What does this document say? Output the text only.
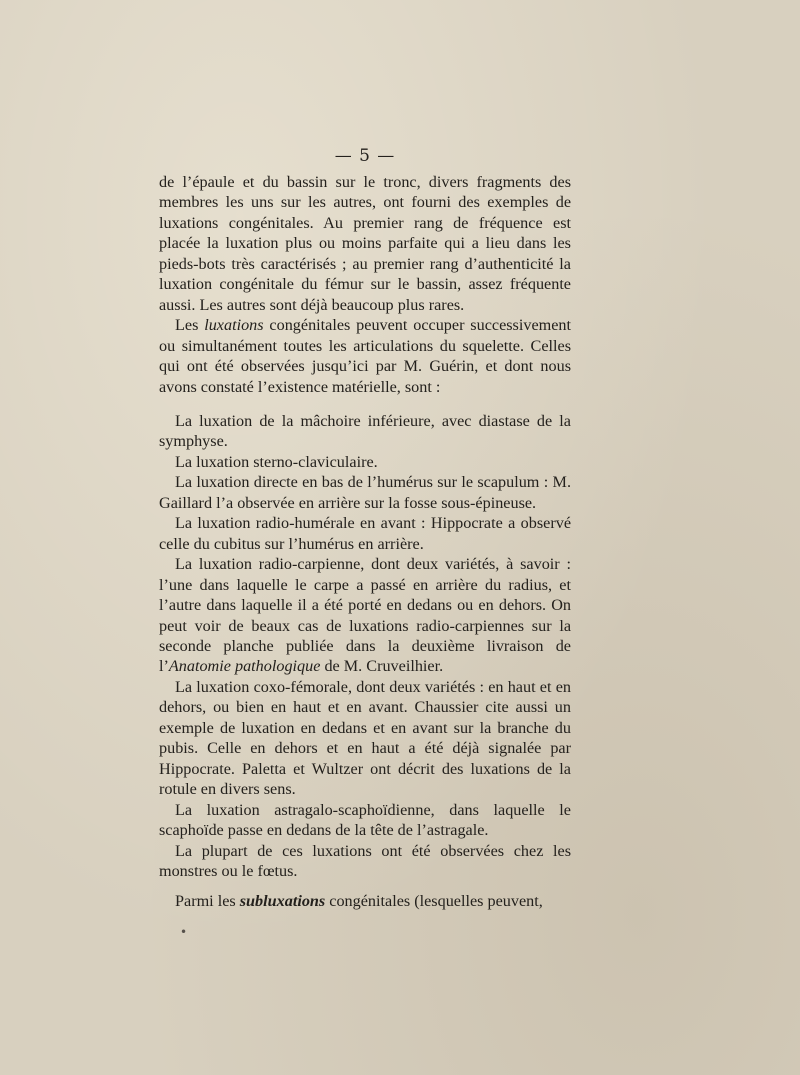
— 5 —

de l’épaule et du bassin sur le tronc, divers fragments des membres les uns sur les autres, ont fourni des exemples de luxations congénitales. Au premier rang de fréquence est placée la luxation plus ou moins parfaite qui a lieu dans les pieds-bots très caractérisés ; au premier rang d’authenticité la luxation congénitale du fémur sur le bassin, assez fréquente aussi. Les autres sont déjà beaucoup plus rares.

Les luxations congénitales peuvent occuper successivement ou simultanément toutes les articulations du squelette. Celles qui ont été observées jusqu’ici par M. Guérin, et dont nous avons constaté l’existence matérielle, sont :

La luxation de la mâchoire inférieure, avec diastase de la symphyse.

La luxation sterno-claviculaire.

La luxation directe en bas de l’humérus sur le scapulum : M. Gaillard l’a observée en arrière sur la fosse sous-épineuse.

La luxation radio-humérale en avant : Hippocrate a observé celle du cubitus sur l’humérus en arrière.

La luxation radio-carpienne, dont deux variétés, à savoir : l’une dans laquelle le carpe a passé en arrière du radius, et l’autre dans laquelle il a été porté en dedans ou en dehors. On peut voir de beaux cas de luxations radio-carpiennes sur la seconde planche publiée dans la deuxième livraison de l’Anatomie pathologique de M. Cruveilhier.

La luxation coxo-fémorale, dont deux variétés : en haut et en dehors, ou bien en haut et en avant. Chaussier cite aussi un exemple de luxation en dedans et en avant sur la branche du pubis. Celle en dehors et en haut a été déjà signalée par Hippocrate. Paletta et Wultzer ont décrit des luxations de la rotule en divers sens.

La luxation astragalo-scaphoïdienne, dans laquelle le scaphoïde passe en dedans de la tête de l’astragale.

La plupart de ces luxations ont été observées chez les monstres ou le fœtus.

Parmi les subluxations congénitales (lesquelles peuvent,

•
